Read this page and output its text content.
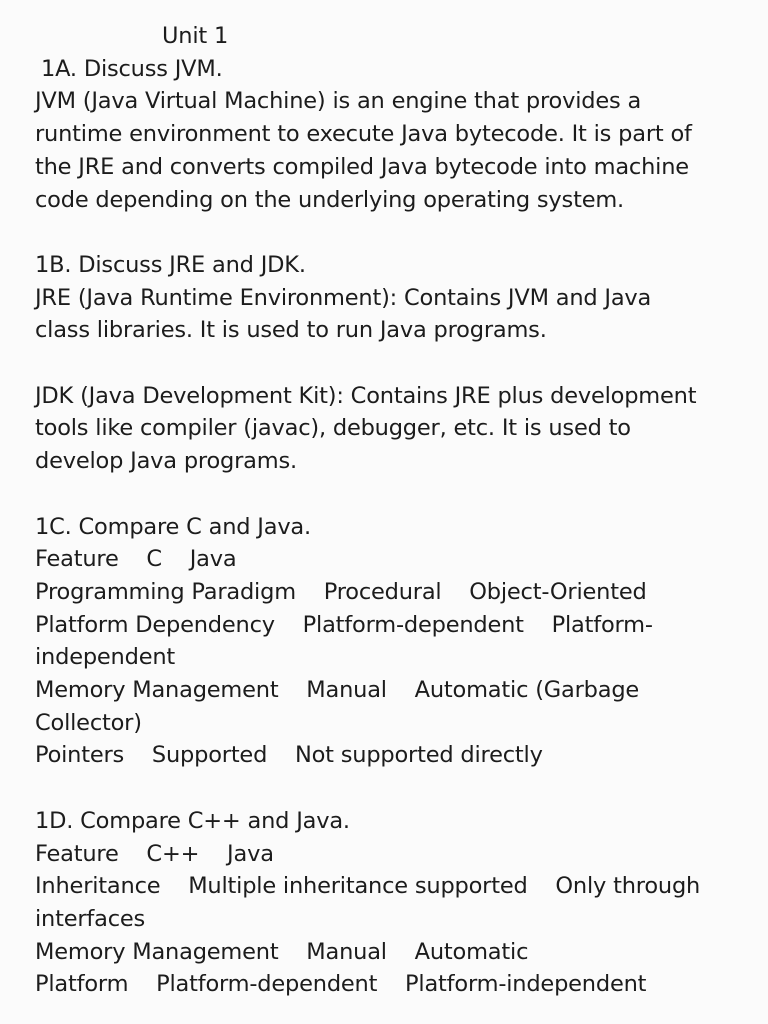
Unit 1
1A. Discuss JVM.
JVM (Java Virtual Machine) is an engine that provides a
runtime environment to execute Java bytecode. It is part of
the JRE and converts compiled Java bytecode into machine
code depending on the underlying operating system.
1B. Discuss JRE and JDK.
JRE (Java Runtime Environment): Contains JVM and Java
class libraries. It is used to run Java programs.
JDK (Java Development Kit): Contains JRE plus development
tools like compiler (javac), debugger, etc. It is used to
develop Java programs.
1C. Compare C and Java.
Feature    C    Java
Programming Paradigm    Procedural    Object-Oriented
Platform Dependency    Platform-dependent    Platform-
independent
Memory Management    Manual    Automatic (Garbage
Collector)
Pointers    Supported    Not supported directly
1D. Compare C++ and Java.
Feature    C++    Java
Inheritance    Multiple inheritance supported    Only through
interfaces
Memory Management    Manual    Automatic
Platform    Platform-dependent    Platform-independent
